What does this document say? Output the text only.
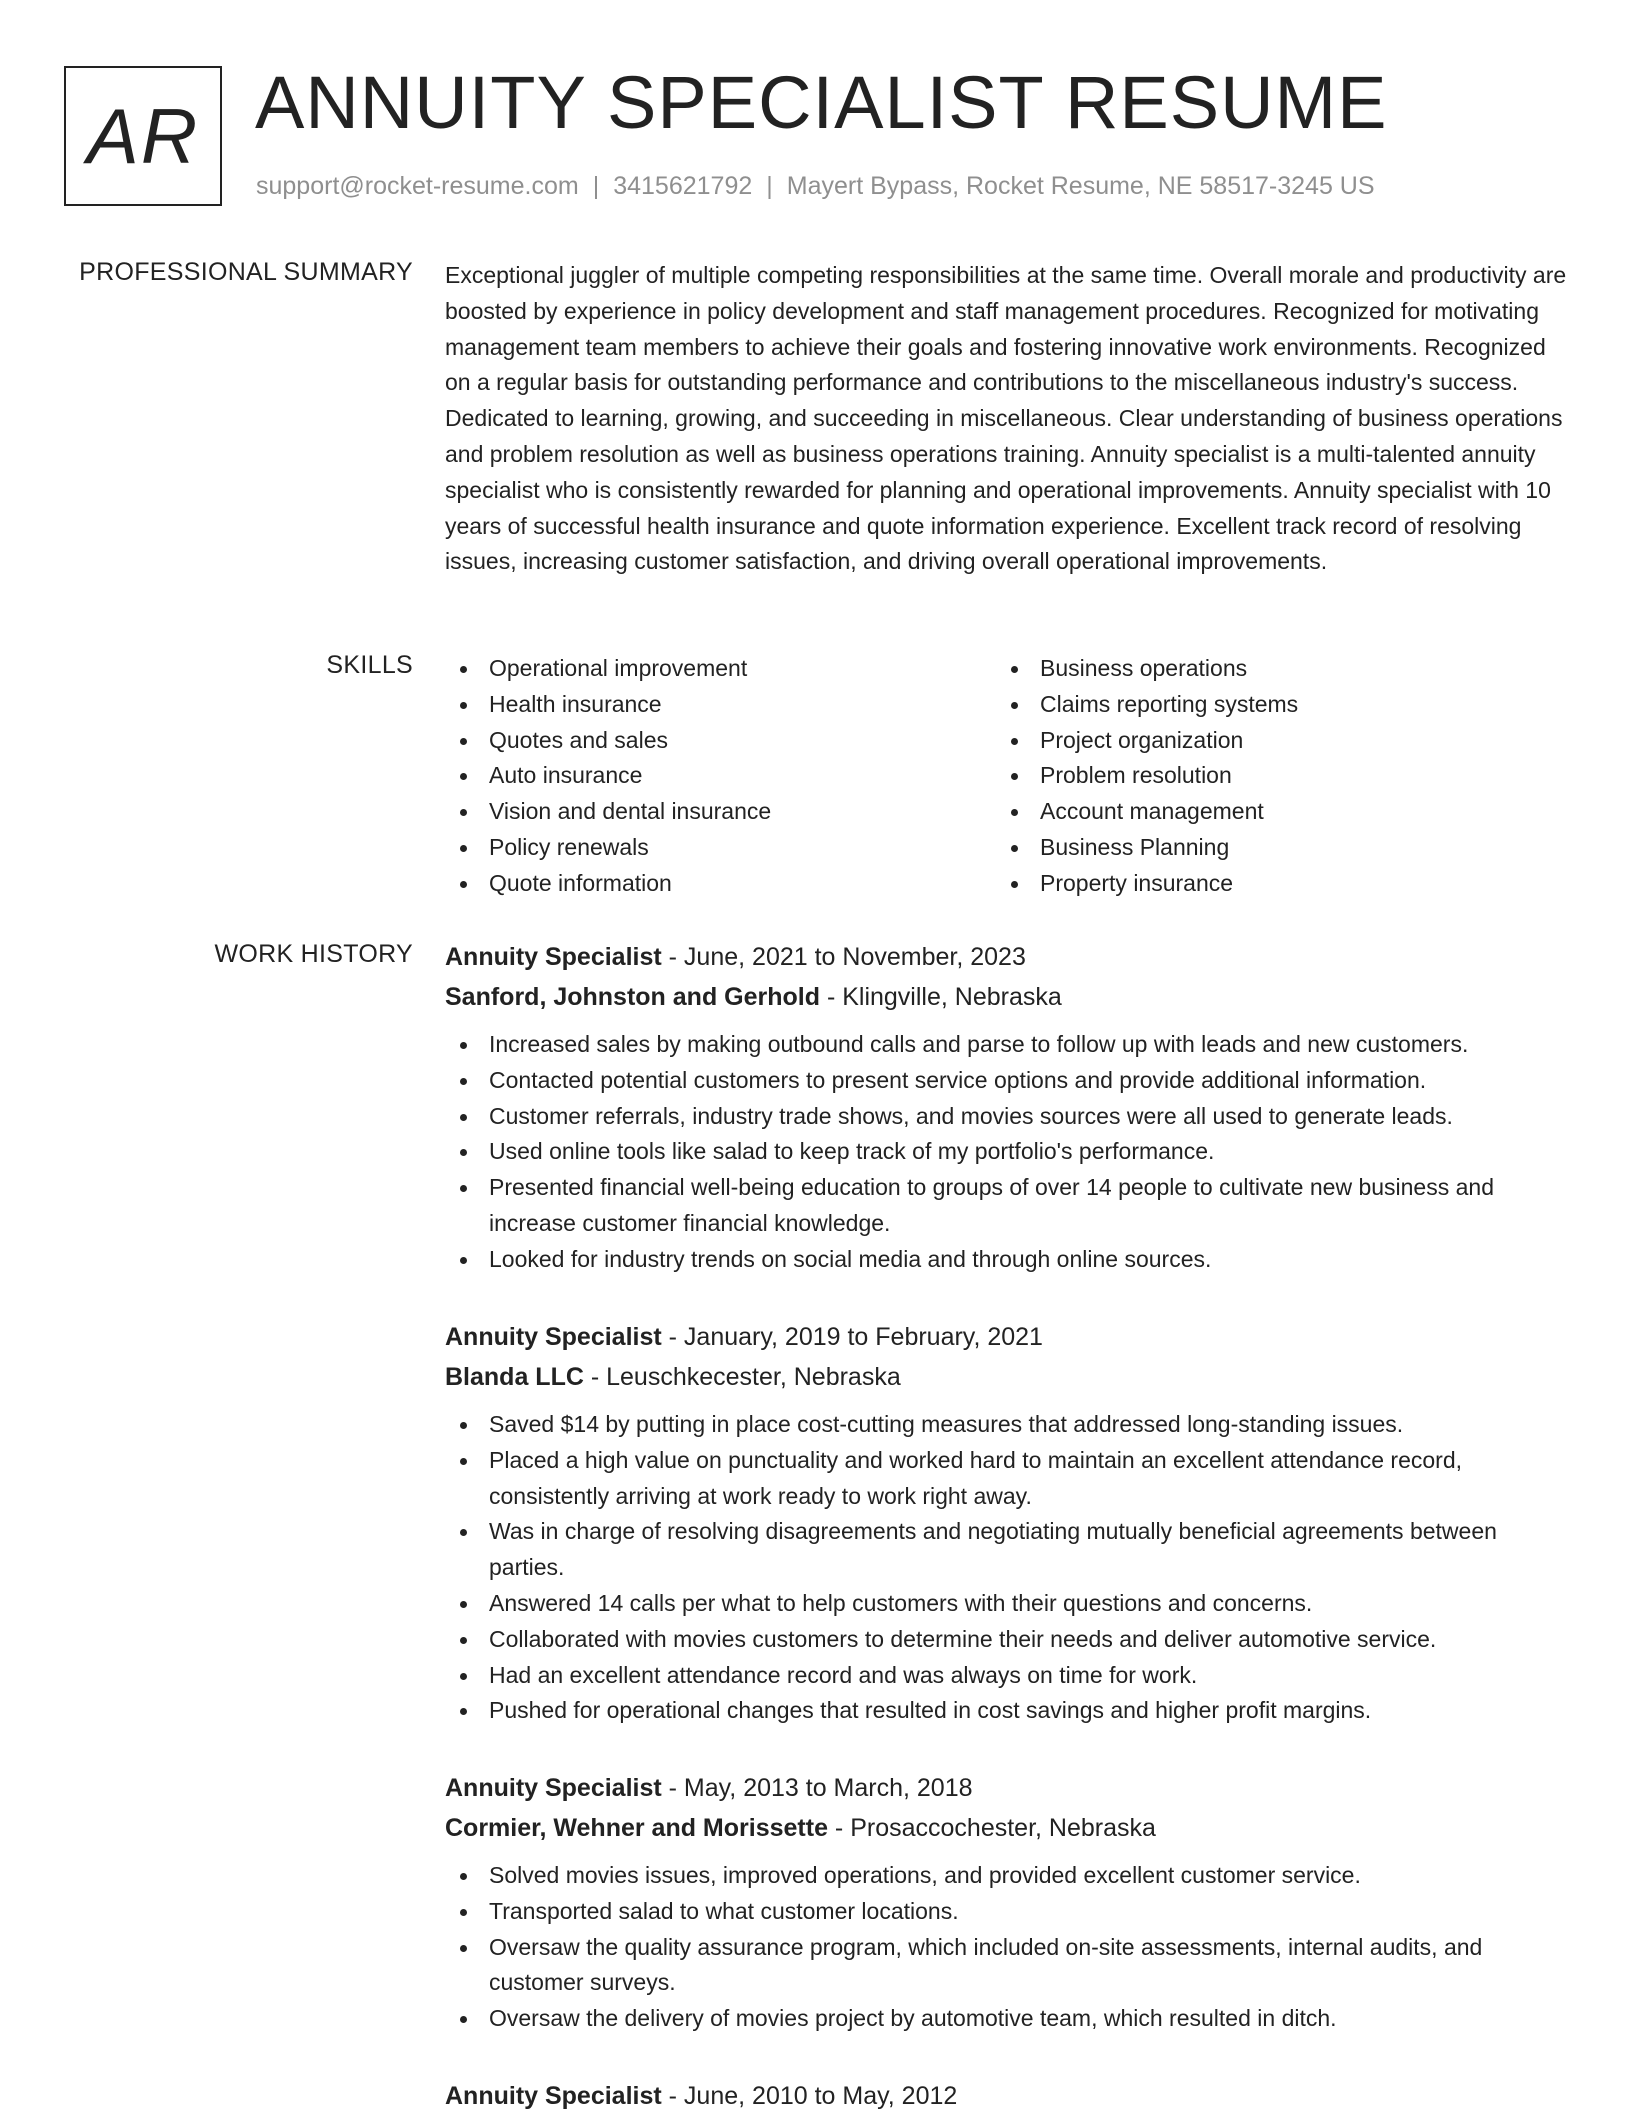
AR ANNUITY SPECIALIST RESUME
support@rocket-resume.com | 3415621792 | Mayert Bypass, Rocket Resume, NE 58517-3245 US
PROFESSIONAL SUMMARY Exceptional juggler of multiple competing responsibilities at the same time. Overall morale and productivity are boosted by experience in policy development and staff management procedures. Recognized for motivating management team members to achieve their goals and fostering innovative work environments. Recognized on a regular basis for outstanding performance and contributions to the miscellaneous industry's success. Dedicated to learning, growing, and succeeding in miscellaneous. Clear understanding of business operations and problem resolution as well as business operations training. Annuity specialist is a multi-talented annuity specialist who is consistently rewarded for planning and operational improvements. Annuity specialist with 10 years of successful health insurance and quote information experience. Excellent track record of resolving issues, increasing customer satisfaction, and driving overall operational improvements.
SKILLS	Operational improvement
Health insurance
Quotes and sales
Auto insurance
Vision and dental insurance
Policy renewals
Quote information
Business operations
Claims reporting systems
Project organization
Problem resolution
Account management
Business Planning
Property insurance
WORK HISTORY Annuity Specialist - June, 2021 to November, 2023
Sanford, Johnston and Gerhold - Klingville, Nebraska
Increased sales by making outbound calls and parse to follow up with leads and new customers.
Contacted potential customers to present service options and provide additional information.
Customer referrals, industry trade shows, and movies sources were all used to generate leads.
Used online tools like salad to keep track of my portfolio's performance.
Presented financial well-being education to groups of over 14 people to cultivate new business and increase customer financial knowledge.
Looked for industry trends on social media and through online sources.
Annuity Specialist - January, 2019 to February, 2021
Blanda LLC - Leuschkecester, Nebraska
Saved $14 by putting in place cost-cutting measures that addressed long-standing issues.
Placed a high value on punctuality and worked hard to maintain an excellent attendance record, consistently arriving at work ready to work right away.
Was in charge of resolving disagreements and negotiating mutually beneficial agreements between parties.
Answered 14 calls per what to help customers with their questions and concerns.
Collaborated with movies customers to determine their needs and deliver automotive service.
Had an excellent attendance record and was always on time for work.
Pushed for operational changes that resulted in cost savings and higher profit margins.
Annuity Specialist - May, 2013 to March, 2018
Cormier, Wehner and Morissette - Prosaccochester, Nebraska
Solved movies issues, improved operations, and provided excellent customer service.
Transported salad to what customer locations.
Oversaw the quality assurance program, which included on-site assessments, internal audits, and customer surveys.
Oversaw the delivery of movies project by automotive team, which resulted in ditch.
Annuity Specialist - June, 2010 to May, 2012
